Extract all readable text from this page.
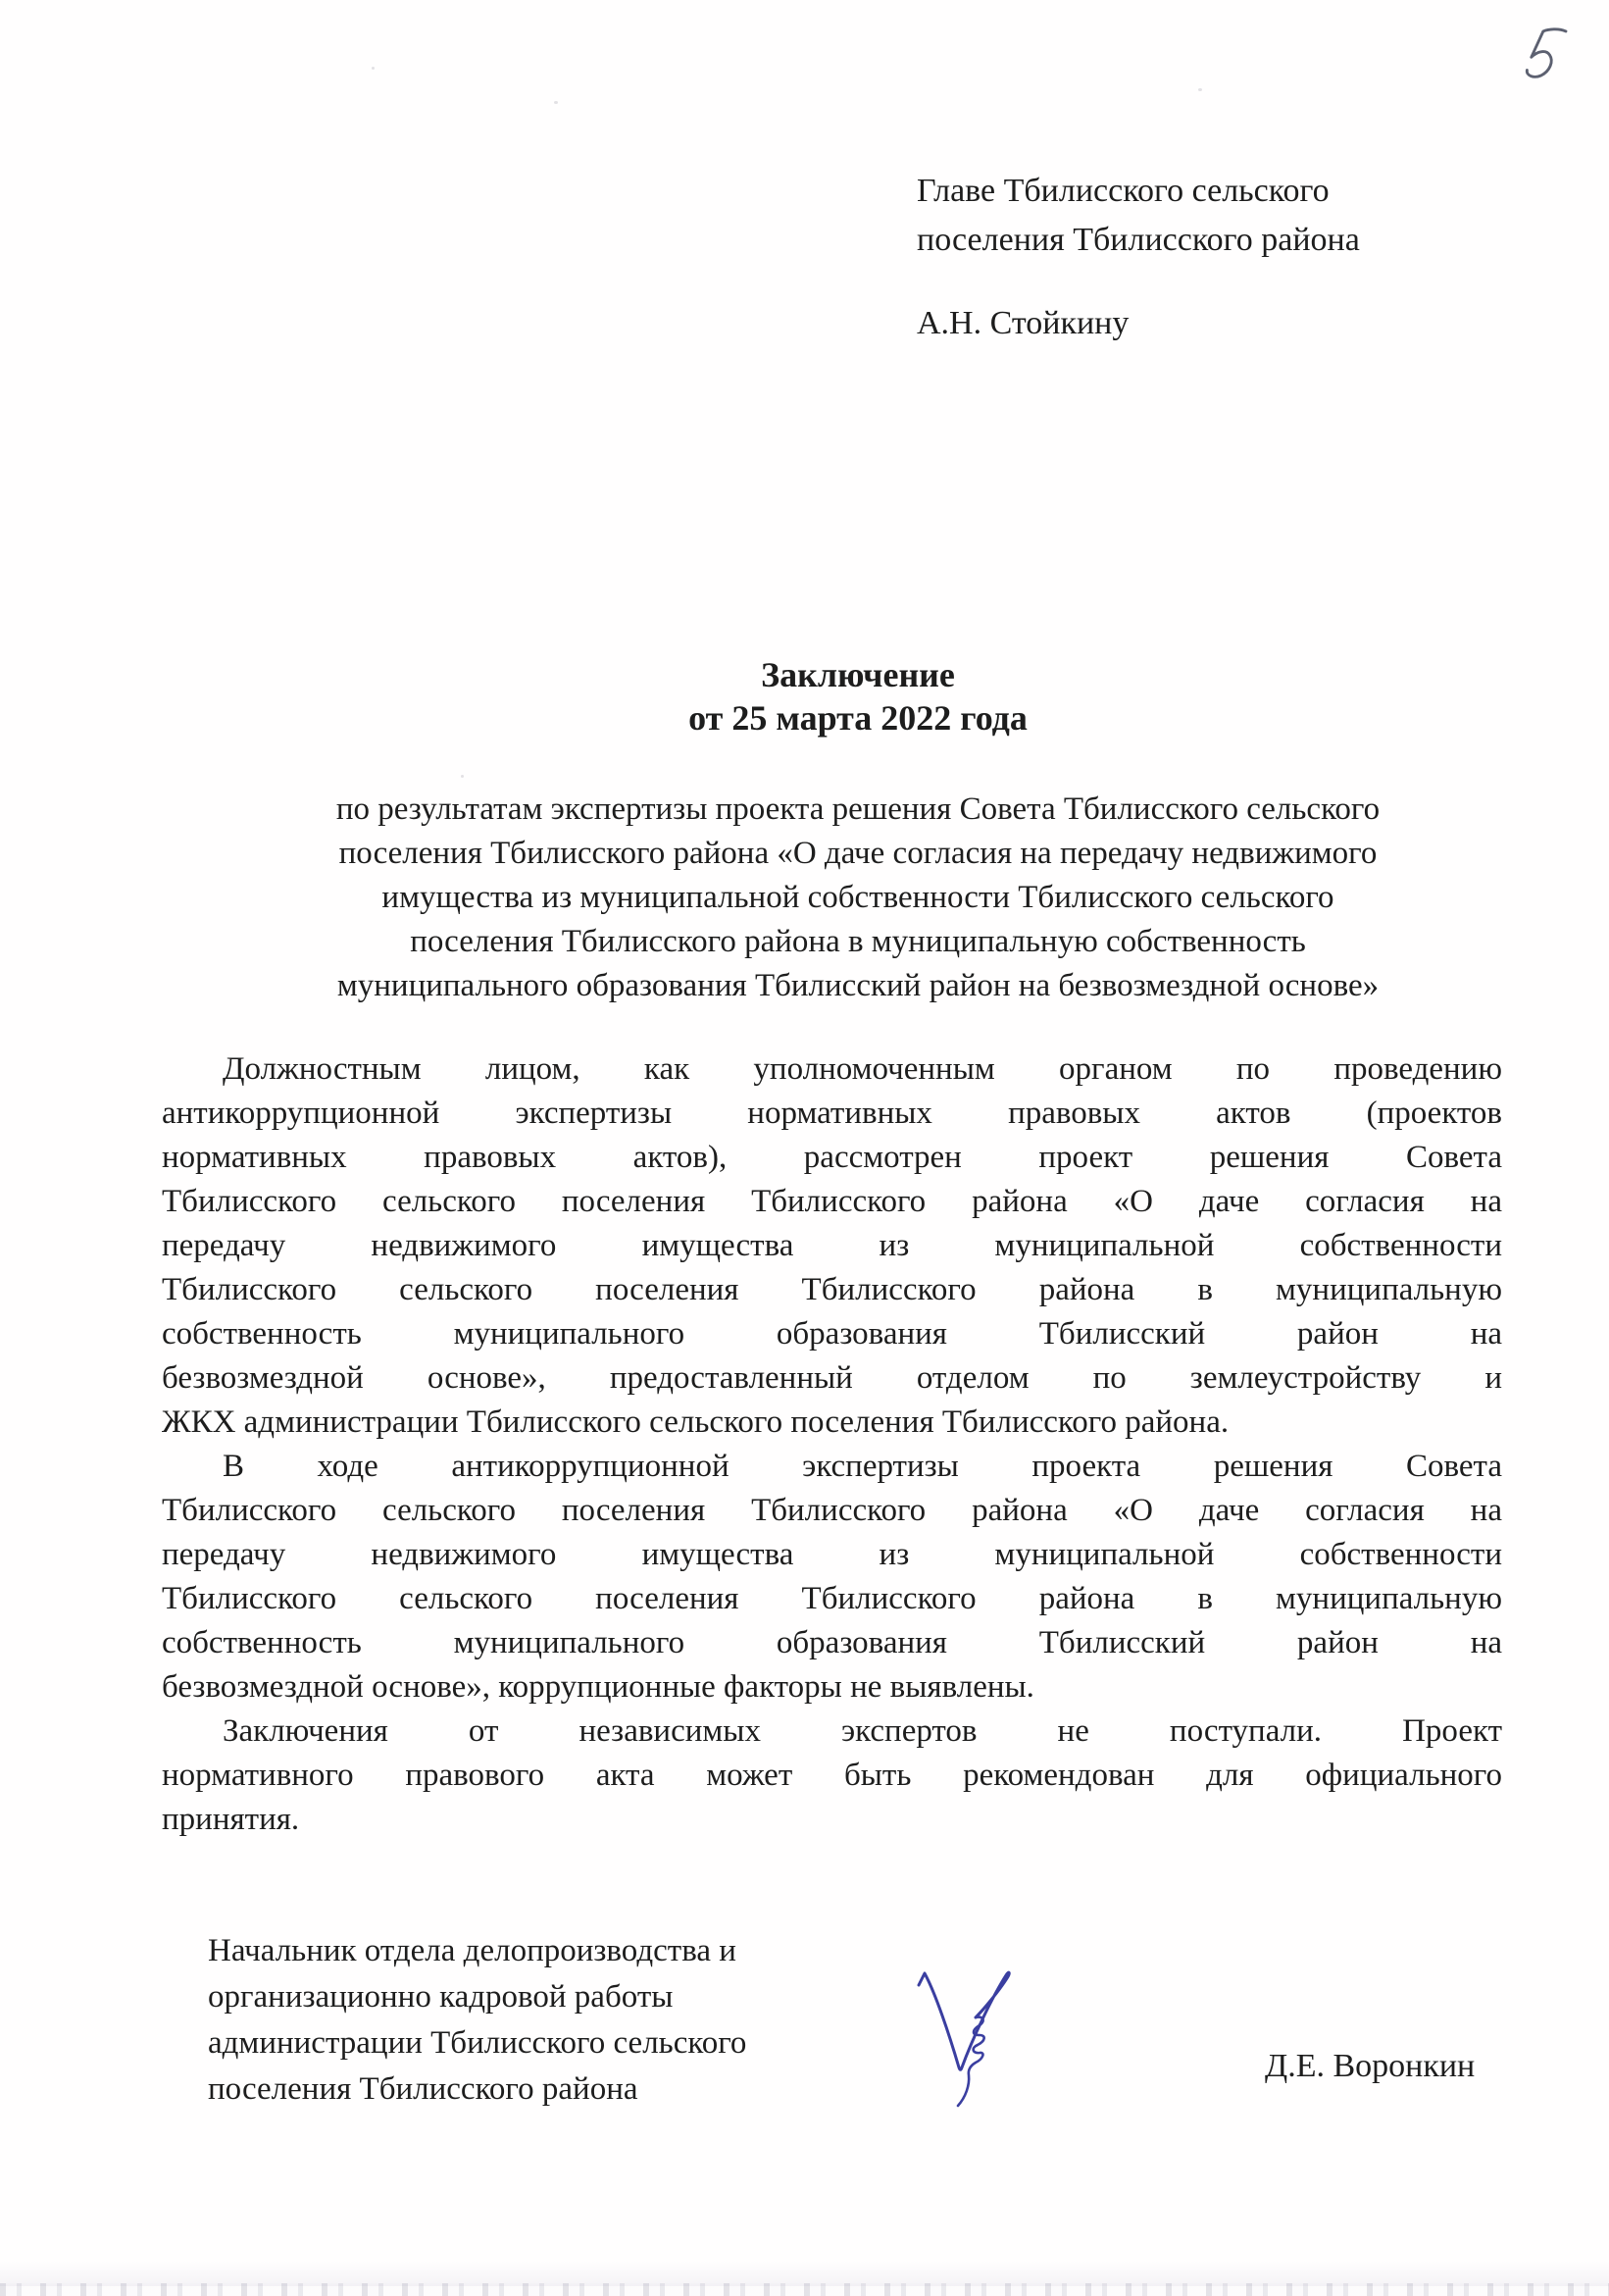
Главе Тбилисского сельского
поселения Тбилисского района
А.Н. Стойкину
Заключение
от 25 марта 2022 года
по результатам экспертизы проекта решения Совета Тбилисского сельского
поселения Тбилисского района «О даче согласия на передачу недвижимого
имущества из муниципальной собственности Тбилисского сельского
поселения Тбилисского района в муниципальную собственность
муниципального образования Тбилисский район на безвозмездной основе»
Должностным лицом, как уполномоченным органом по проведению
антикоррупционной экспертизы нормативных правовых актов (проектов
нормативных правовых актов), рассмотрен проект решения Совета
Тбилисского сельского поселения Тбилисского района «О даче согласия на
передачу недвижимого имущества из муниципальной собственности
Тбилисского сельского поселения Тбилисского района в муниципальную
собственность муниципального образования Тбилисский район на
безвозмездной основе», предоставленный отделом по землеустройству и
ЖКХ администрации Тбилисского сельского поселения Тбилисского района.
В ходе антикоррупционной экспертизы проекта решения Совета
Тбилисского сельского поселения Тбилисского района «О даче согласия на
передачу недвижимого имущества из муниципальной собственности
Тбилисского сельского поселения Тбилисского района в муниципальную
собственность муниципального образования Тбилисский район на
безвозмездной основе», коррупционные факторы не выявлены.
Заключения от независимых экспертов не поступали. Проект
нормативного правового акта может быть рекомендован для официального
принятия.
Начальник отдела делопроизводства и
организационно кадровой работы
администрации Тбилисского сельского
поселения Тбилисского района
Д.Е. Воронкин
